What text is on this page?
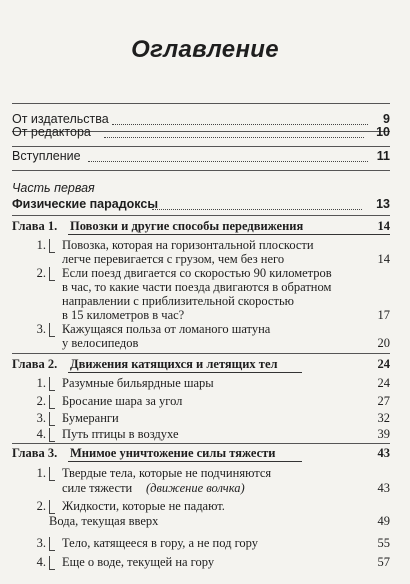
Оглавление
От издательства	9
От редактора	10
Вступление	11
Часть первая
Физические парадоксы	13
Глава 1. Повозки и другие способы передвижения	14
1. Повозка, которая на горизонтальной плоскости
легче перевигается с грузом, чем без него	14
2. Если поезд двигается со скоростью 90 километров
в час, то какие части поезда двигаются в обратном
направлении с приблизительной скоростью
в 15 километров в час?	17
3. Кажущаяся польза от ломаного шатуна
у велосипедов	20
Глава 2. Движения катящихся и летящих тел	24
1. Разумные бильярдные шары	24
2. Бросание шара за угол	27
3. Бумеранги	32
4. Путь птицы в воздухе	39
Глава 3. Мнимое уничтожение силы тяжести	43
1. Твердые тела, которые не подчиняются
силе тяжести (движение волчка)	43
2. Жидкости, которые не падают.
Вода, текущая вверх	49
3. Тело, катящееся в гору, а не под гору	55
4. Еще о воде, текущей на гору	57
